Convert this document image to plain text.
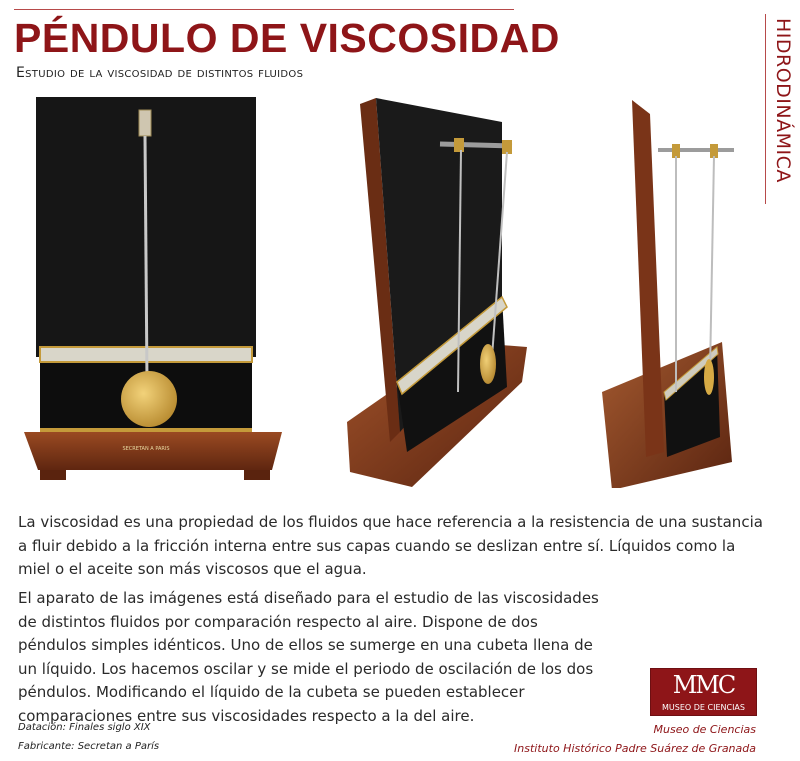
PÉNDULO DE VISCOSIDAD
Estudio de la viscosidad de distintos fluidos	HIDRODINÁMICA
SECRETAN A PARIS

La viscosidad es una propiedad de los fluidos que hace referencia a la resistencia de una sustancia a fluir debido a la fricción interna entre sus capas cuando se deslizan entre sí. Líquidos como la miel o el aceite son más viscosos que el agua.

El aparato de las imágenes está diseñado para el estudio de las viscosidades de distintos fluidos por comparación respecto al aire. Dispone de dos péndulos simples idénticos. Uno de ellos se sumerge en una cubeta llena de un líquido. Los hacemos oscilar y se mide el periodo de oscilación de los dos péndulos. Modificando el líquido de la cubeta se pueden establecer comparaciones entre sus viscosidades respecto a la del aire.

Datación: Finales siglo XIX
Fabricante: Secretan a París
MMC
MUSEO DE CIENCIAS
Museo de Ciencias
Instituto Histórico Padre Suárez de Granada
